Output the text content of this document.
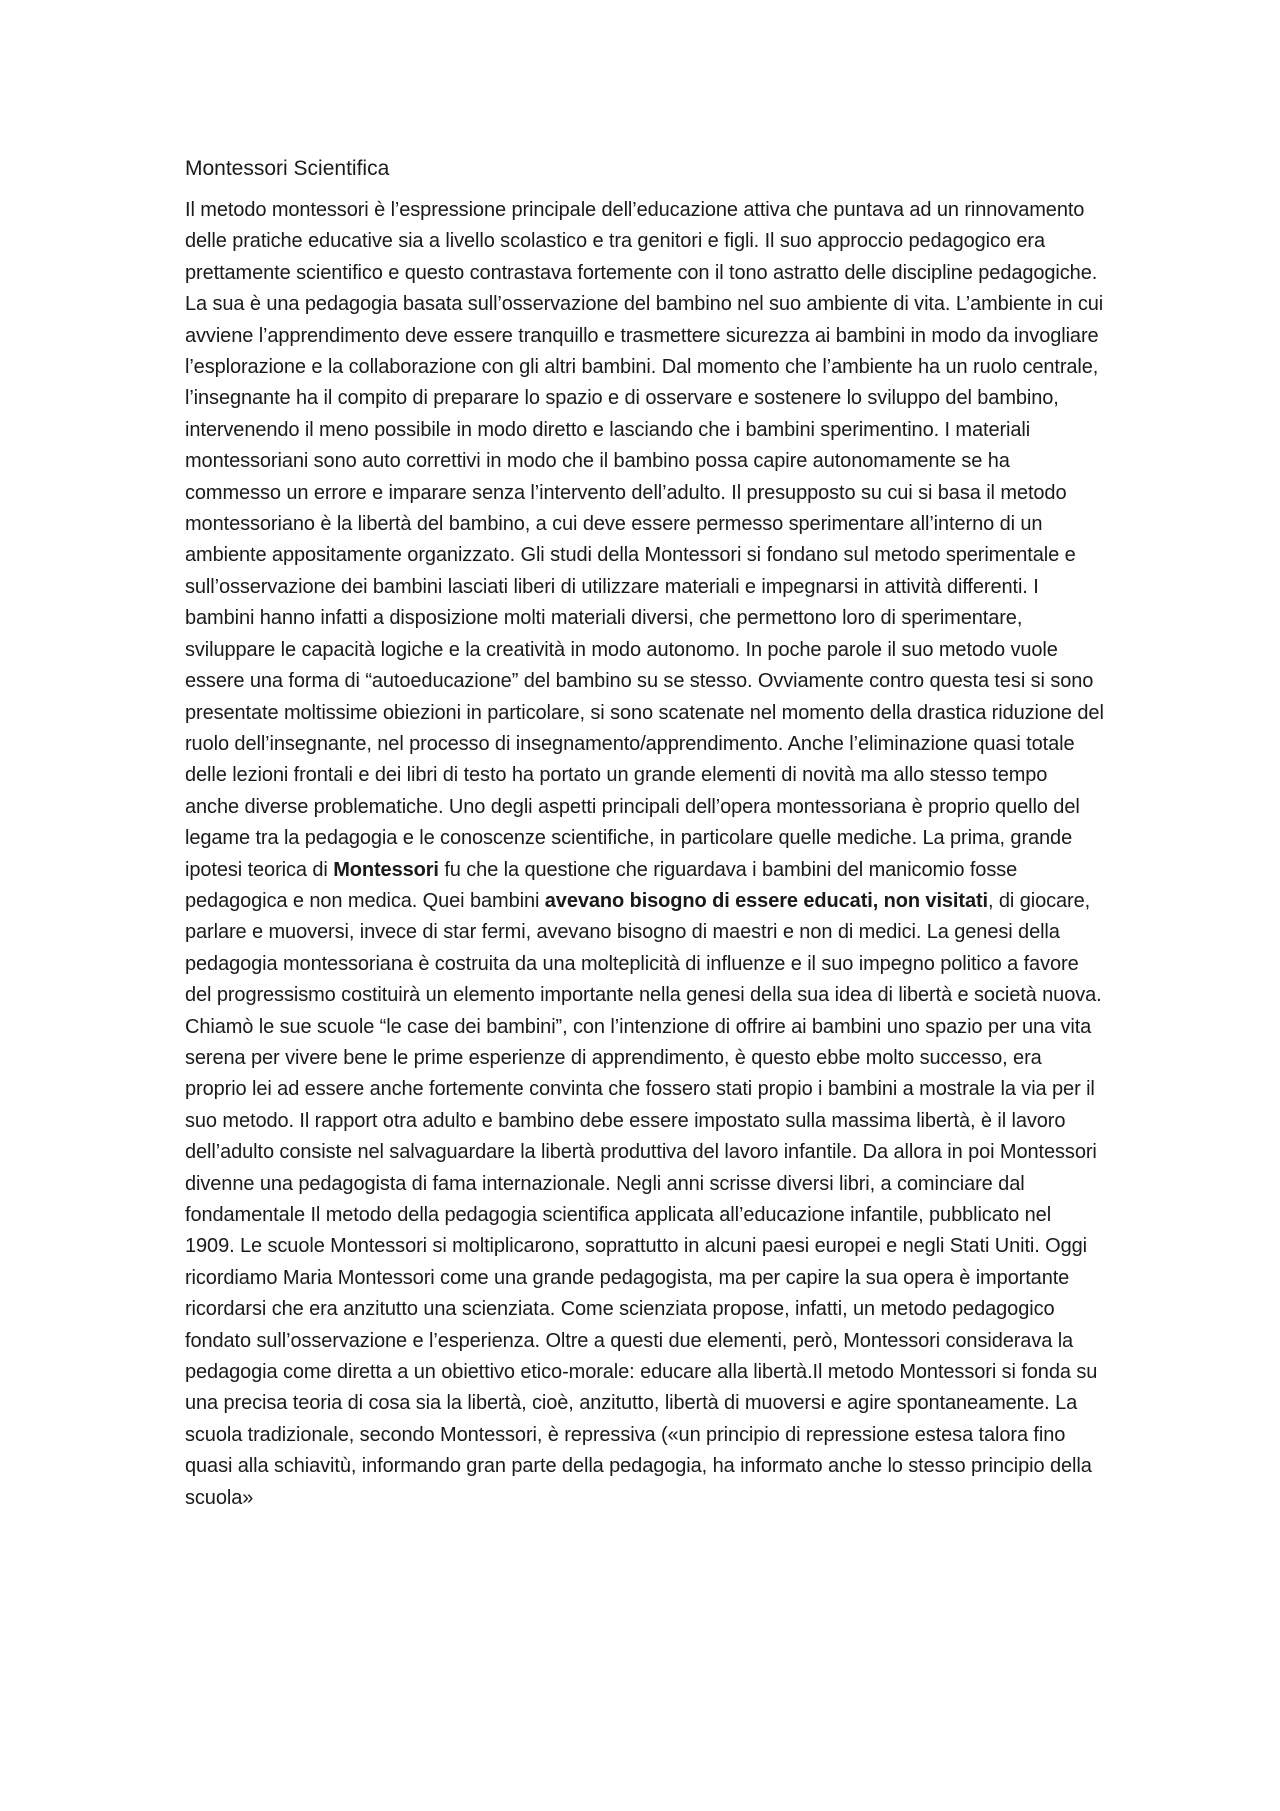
Montessori Scientifica

Il metodo montessori è l’espressione principale dell’educazione attiva che puntava ad un rinnovamento delle pratiche educative sia a livello scolastico e tra genitori e figli. Il suo approccio pedagogico era prettamente scientifico e questo contrastava fortemente con il tono astratto delle discipline pedagogiche. La sua è una pedagogia basata sull’osservazione del bambino nel suo ambiente di vita. L’ambiente in cui avviene l’apprendimento deve essere tranquillo e trasmettere sicurezza ai bambini in modo da invogliare l’esplorazione e la collaborazione con gli altri bambini. Dal momento che l’ambiente ha un ruolo centrale, l’insegnante ha il compito di preparare lo spazio e di osservare e sostenere lo sviluppo del bambino, intervenendo il meno possibile in modo diretto e lasciando che i bambini sperimentino. I materiali montessoriani sono auto correttivi in modo che il bambino possa capire autonomamente se ha commesso un errore e imparare senza l’intervento dell’adulto. Il presupposto su cui si basa il metodo montessoriano è la libertà del bambino, a cui deve essere permesso sperimentare all’interno di un ambiente appositamente organizzato. Gli studi della Montessori si fondano sul metodo sperimentale e sull’osservazione dei bambini lasciati liberi di utilizzare materiali e impegnarsi in attività differenti. I bambini hanno infatti a disposizione molti materiali diversi, che permettono loro di sperimentare, sviluppare le capacità logiche e la creatività in modo autonomo. In poche parole il suo metodo vuole essere una forma di “autoeducazione” del bambino su se stesso. Ovviamente contro questa tesi si sono presentate moltissime obiezioni in particolare, si sono scatenate nel momento della drastica riduzione del ruolo dell’insegnante, nel processo di insegnamento/apprendimento. Anche l’eliminazione quasi totale delle lezioni frontali e dei libri di testo ha portato un grande elementi di novità ma allo stesso tempo anche diverse problematiche. Uno degli aspetti principali dell’opera montessoriana è proprio quello del legame tra la pedagogia e le conoscenze scientifiche, in particolare quelle mediche. La prima, grande ipotesi teorica di Montessori fu che la questione che riguardava i bambini del manicomio fosse pedagogica e non medica. Quei bambini avevano bisogno di essere educati, non visitati, di giocare, parlare e muoversi, invece di star fermi, avevano bisogno di maestri e non di medici. La genesi della pedagogia montessoriana è costruita da una molteplicità di influenze e il suo impegno politico a favore del progressismo costituirà un elemento importante nella genesi della sua idea di libertà e società nuova. Chiamò le sue scuole “le case dei bambini”, con l’intenzione di offrire ai bambini uno spazio per una vita serena per vivere bene le prime esperienze di apprendimento, è questo ebbe molto successo, era proprio lei ad essere anche fortemente convinta che fossero stati propio i bambini a mostrale la via per il suo metodo. Il rapport otra adulto e bambino debe essere impostato sulla massima libertà, è il lavoro dell’adulto consiste nel salvaguardare la libertà produttiva del lavoro infantile. Da allora in poi Montessori divenne una pedagogista di fama internazionale. Negli anni scrisse diversi libri, a cominciare dal fondamentale Il metodo della pedagogia scientifica applicata all’educazione infantile, pubblicato nel 1909. Le scuole Montessori si moltiplicarono, soprattutto in alcuni paesi europei e negli Stati Uniti. Oggi ricordiamo Maria Montessori come una grande pedagogista, ma per capire la sua opera è importante ricordarsi che era anzitutto una scienziata. Come scienziata propose, infatti, un metodo pedagogico fondato sull’osservazione e l’esperienza. Oltre a questi due elementi, però, Montessori considerava la pedagogia come diretta a un obiettivo etico-morale: educare alla libertà.Il metodo Montessori si fonda su una precisa teoria di cosa sia la libertà, cioè, anzitutto, libertà di muoversi e agire spontaneamente. La scuola tradizionale, secondo Montessori, è repressiva («un principio di repressione estesa talora fino quasi alla schiavitù, informando gran parte della pedagogia, ha informato anche lo stesso principio della scuola»
